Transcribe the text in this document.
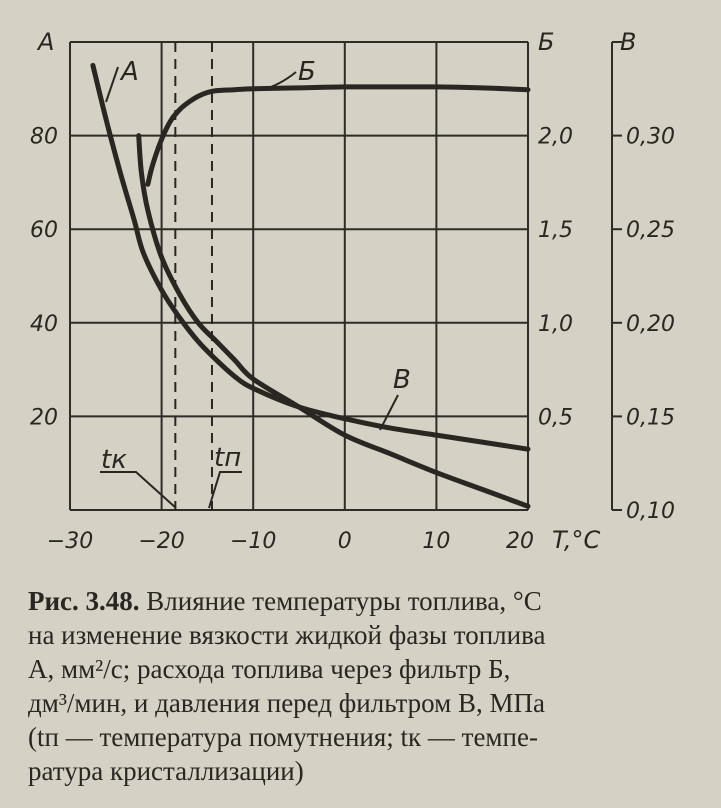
20
40
60
80
0,5
1,0
1,5
2,0
0,10
0,15
0,20
0,25
0,30
−30 −20 −10	0	10	20
А	Б	В
T,°C
А	Б
В
tк	tп
Рис. 3.48. Влияние температуры топлива, °С
на изменение вязкости жидкой фазы топлива
А, мм²/с; расхода топлива через фильтр Б,
дм³/мин, и давления перед фильтром В, МПа
(tп — температура помутнения; tк — темпе-
ратура кристаллизации)
